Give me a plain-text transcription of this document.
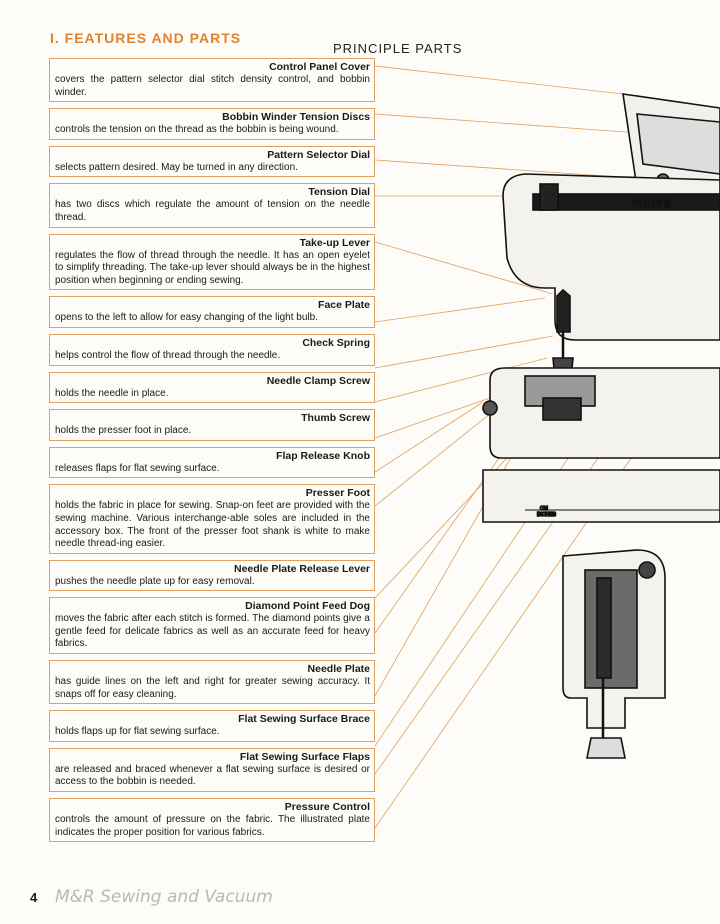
I. FEATURES AND PARTS
PRINCIPLE PARTS
Control Panel Cover
covers the pattern selector dial stitch density control, and bobbin winder.
Bobbin Winder Tension Discs
controls the tension on the thread as the bobbin is being wound.
Pattern Selector Dial
selects pattern desired. May be turned in any direction.
Tension Dial
has two discs which regulate the amount of tension on the needle thread.
Take-up Lever
regulates the flow of thread through the needle. It has an open eyelet to simplify threading. The take-up lever should always be in the highest position when beginning or ending sewing.
Face Plate
opens to the left to allow for easy changing of the light bulb.
Check Spring
helps control the flow of thread through the needle.
Needle Clamp Screw
holds the needle in place.
Thumb Screw
holds the presser foot in place.
Flap Release Knob
releases flaps for flat sewing surface.
Presser Foot
holds the fabric in place for sewing. Snap-on feet are provided with the sewing machine. Various interchange-able soles are included in the accessory box. The front of the presser foot shank is white to make needle thread-ing easier.
Needle Plate Release Lever
pushes the needle plate up for easy removal.
Diamond Point Feed Dog
moves the fabric after each stitch is formed. The diamond points give a gentle feed for delicate fabrics as well as an accurate feed for heavy fabrics.
Needle Plate
has guide lines on the left and right for greater sewing accuracy. It snaps off for easy cleaning.
Flat Sewing Surface Brace
holds flaps up for flat sewing surface.
Flat Sewing Surface Flaps
are released and braced whenever a flat sewing surface is desired or access to the bobbin is needed.
Pressure Control
controls the amount of pressure on the fabric. The illustrated plate indicates the proper position for various fabrics.
WHITE
CM
INCHES
4 M&R Sewing and Vacuum
